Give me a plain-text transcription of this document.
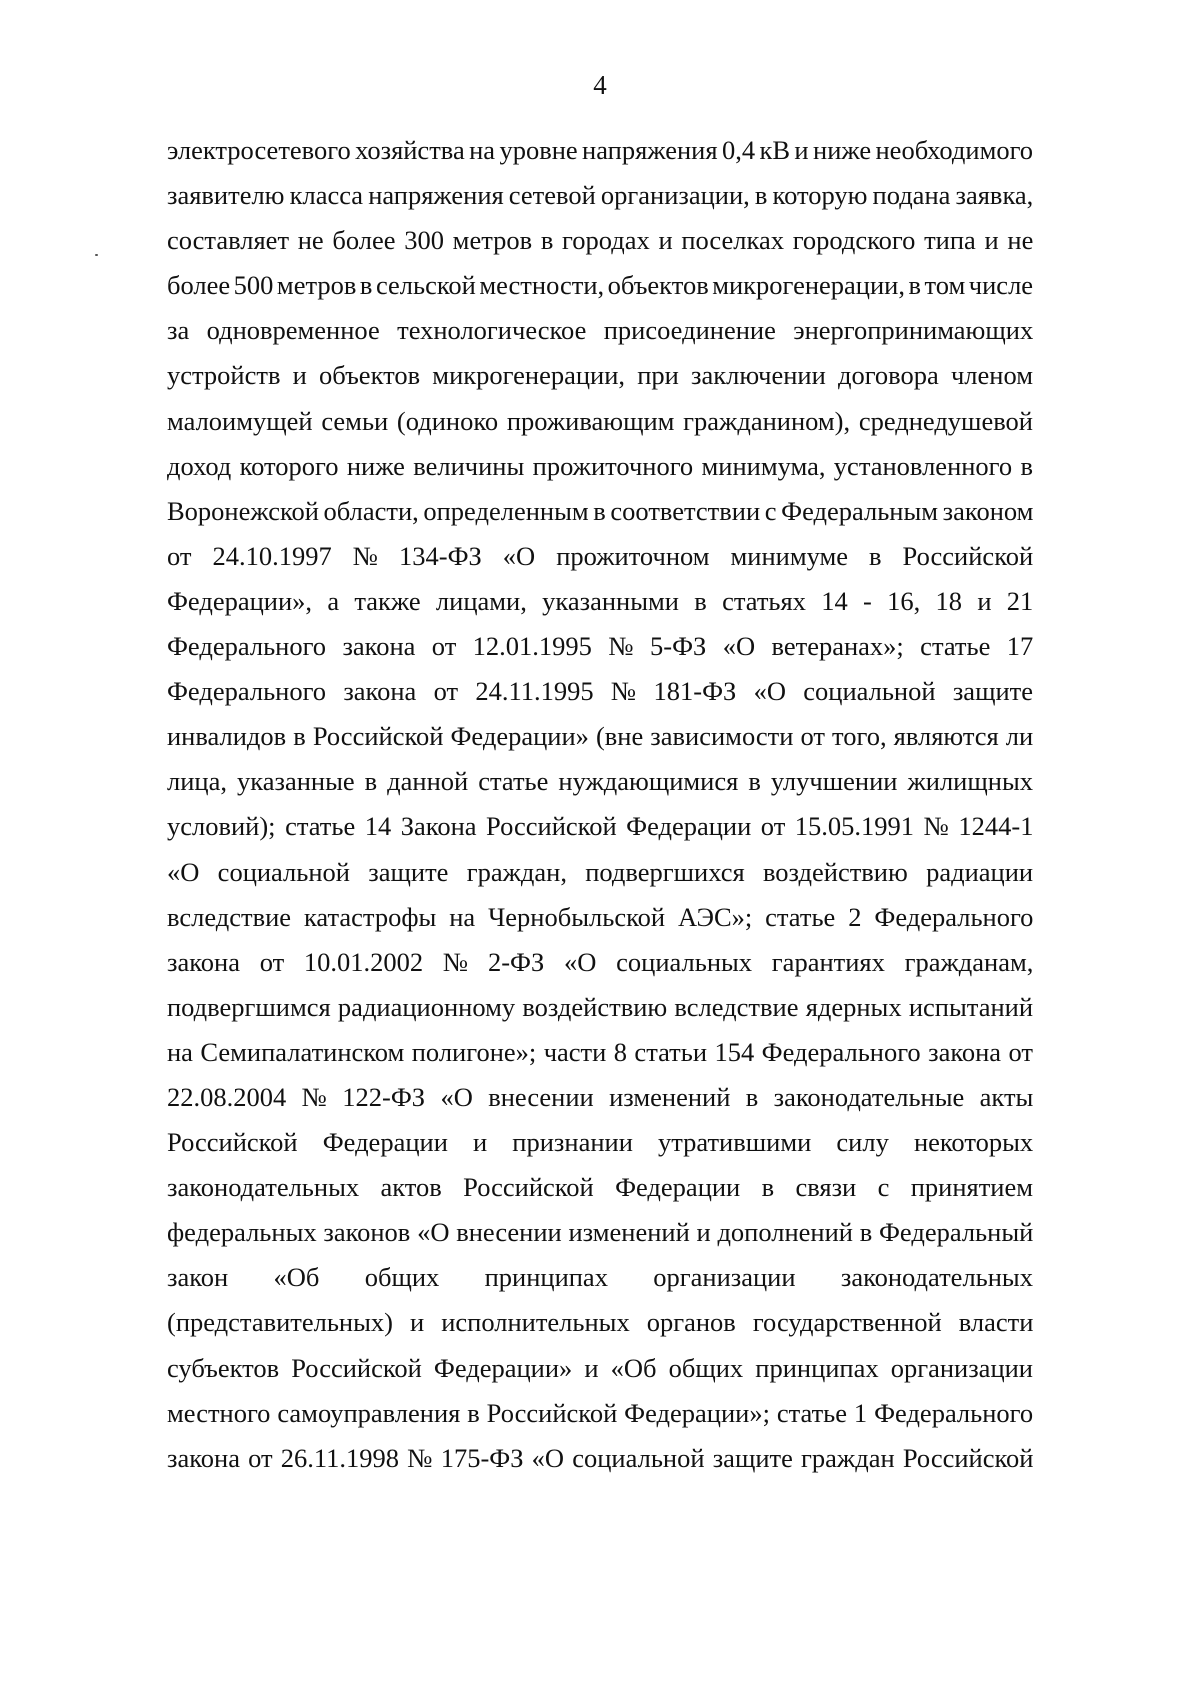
4
электросетевого хозяйства на уровне напряжения 0,4 кВ и ниже необходимого
заявителю класса напряжения сетевой организации, в которую подана заявка,
составляет не более 300 метров в городах и поселках городского типа и не
более 500 метров в сельской местности, объектов микрогенерации, в том числе
за одновременное технологическое присоединение энергопринимающих
устройств и объектов микрогенерации, при заключении договора членом
малоимущей семьи (одиноко проживающим гражданином), среднедушевой
доход которого ниже величины прожиточного минимума, установленного в
Воронежской области, определенным в соответствии с Федеральным законом
от 24.10.1997 № 134-ФЗ «О прожиточном минимуме в Российской
Федерации», а также лицами, указанными в статьях 14 - 16, 18 и 21
Федерального закона от 12.01.1995 № 5-ФЗ «О ветеранах»; статье 17
Федерального закона от 24.11.1995 № 181-ФЗ «О социальной защите
инвалидов в Российской Федерации» (вне зависимости от того, являются ли
лица, указанные в данной статье нуждающимися в улучшении жилищных
условий); статье 14 Закона Российской Федерации от 15.05.1991 № 1244-1
«О социальной защите граждан, подвергшихся воздействию радиации
вследствие катастрофы на Чернобыльской АЭС»; статье 2 Федерального
закона от 10.01.2002 № 2-ФЗ «О социальных гарантиях гражданам,
подвергшимся радиационному воздействию вследствие ядерных испытаний
на Семипалатинском полигоне»; части 8 статьи 154 Федерального закона от
22.08.2004 № 122-ФЗ «О внесении изменений в законодательные акты
Российской Федерации и признании утратившими силу некоторых
законодательных актов Российской Федерации в связи с принятием
федеральных законов «О внесении изменений и дополнений в Федеральный
закон «Об общих принципах организации законодательных
(представительных) и исполнительных органов государственной власти
субъектов Российской Федерации» и «Об общих принципах организации
местного самоуправления в Российской Федерации»; статье 1 Федерального
закона от 26.11.1998 № 175-ФЗ «О социальной защите граждан Российской
